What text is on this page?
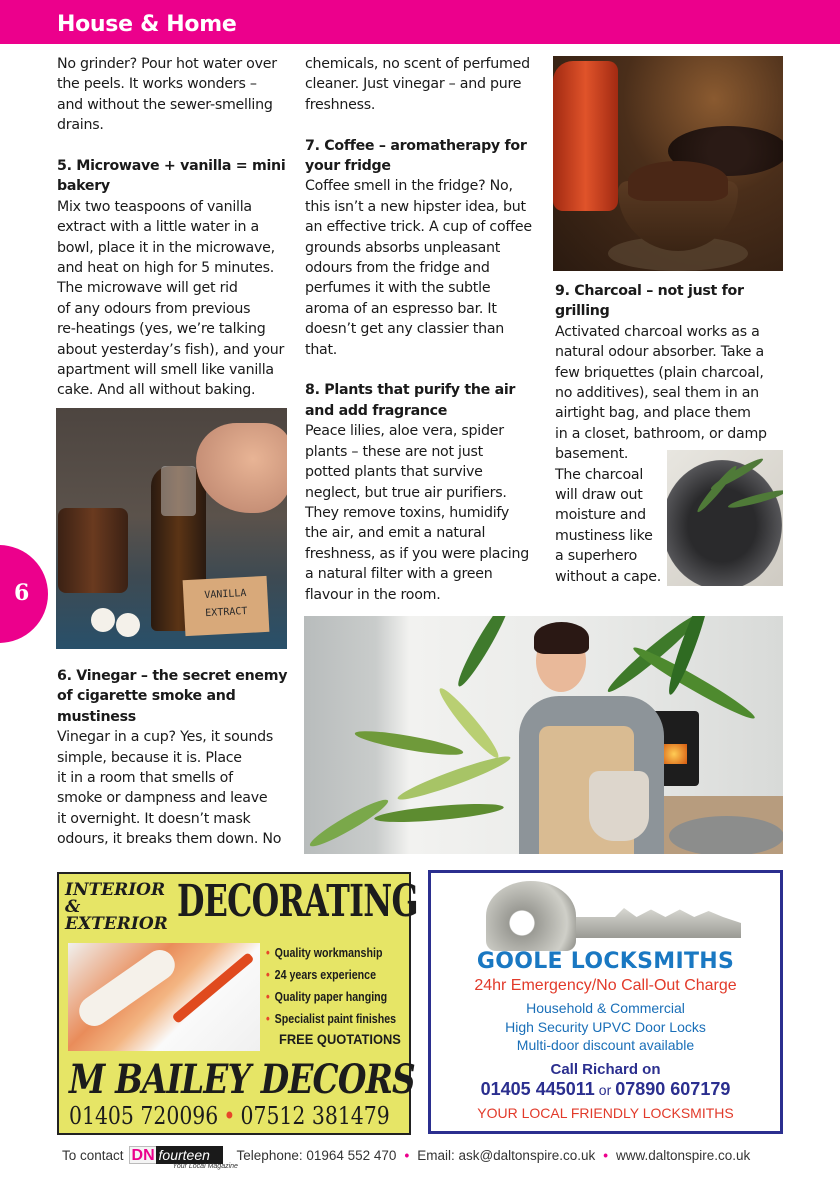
House & Home
6

No grinder? Pour hot water over

the peels. It works wonders –

and without the sewer-smelling

drains.

5. Microwave + vanilla = mini
bakery

Mix two teaspoons of vanilla

extract with a little water in a

bowl, place it in the microwave,

and heat on high for 5 minutes.

The microwave will get rid

of any odours from previous

re-heatings (yes, we’re talking

about yesterday’s fish), and your

apartment will smell like vanilla

cake. And all without baking.

VANILLA
EXTRACT
6. Vinegar – the secret enemy
of cigarette smoke and
mustiness

Vinegar in a cup? Yes, it sounds

simple, because it is. Place

it in a room that smells of

smoke or dampness and leave

it overnight. It doesn’t mask

odours, it breaks them down. No

chemicals, no scent of perfumed

cleaner. Just vinegar – and pure

freshness.

7. Coffee – aromatherapy for
your fridge

Coffee smell in the fridge? No,

this isn’t a new hipster idea, but

an effective trick. A cup of coffee

grounds absorbs unpleasant

odours from the fridge and

perfumes it with the subtle

aroma of an espresso bar. It

doesn’t get any classier than

that.

8. Plants that purify the air
and add fragrance

Peace lilies, aloe vera, spider

plants – these are not just

potted plants that survive

neglect, but true air purifiers.

They remove toxins, humidify

the air, and emit a natural

freshness, as if you were placing

a natural filter with a green

flavour in the room.

9. Charcoal – not just for
grilling

Activated charcoal works as a

natural odour absorber. Take a

few briquettes (plain charcoal,

no additives), seal them in an

airtight bag, and place them

in a closet, bathroom, or damp

basement.

The charcoal

will draw out

moisture and

mustiness like

a superhero

without a cape.

INTERIOR &
EXTERIOR DECORATING
• Quality workmanship
• 24 years experience
• Quality paper hanging
• Specialist paint finishes
FREE QUOTATIONS
M BAILEY DECORS
01405 720096 • 07512 381479
GOOLE LOCKSMITHS
24hr Emergency/No Call-Out Charge
Household & Commercial
High Security UPVC Door Locks
Multi-door discount available
Call Richard on
01405 445011 or 07890 607179
YOUR LOCAL FRIENDLY LOCKSMITHS
To contact DN fourteen
Your Local Magazine
Telephone: 01964 552 470 • Email: ask@daltonspire.co.uk • www.daltonspire.co.uk
